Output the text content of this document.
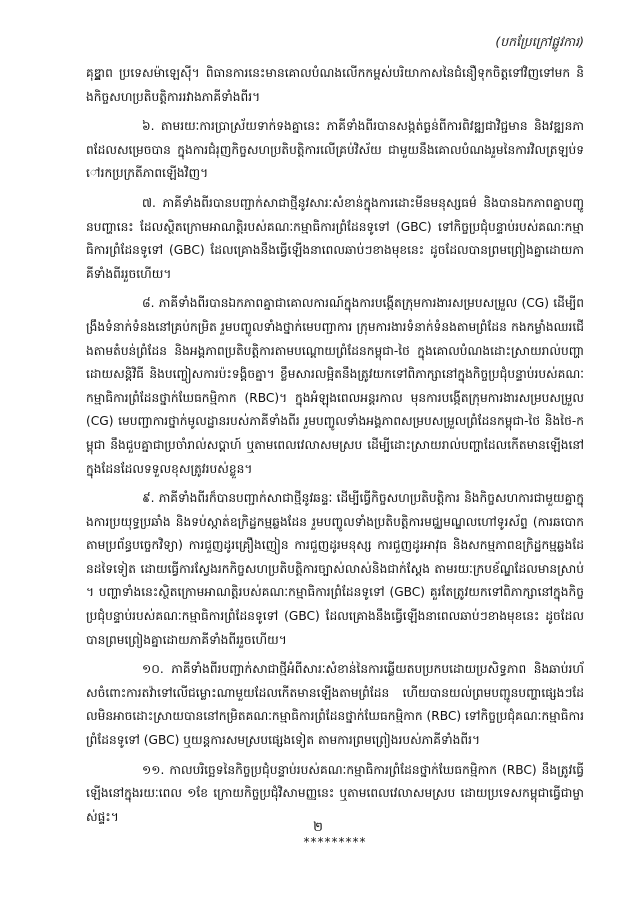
(បកប្រែក្រៅផ្លូវការ)

គុឌ្ឌ្ភាព ប្រទេសម៉ាឡេស៊ី។ ពិធានការនេះមានគោលបំណងលើកកម្ពស់បរិយាកាសនៃជំនឿទុកចិត្តទៅវិញទៅមក និងកិច្ចសហប្រតិបត្តិការរវាងភាគីទាំងពីរ។

៦. តាមរយៈការប្រាស្រ័យទាក់ទងគ្នានេះ ភាគីទាំងពីរបានសង្កត់ធ្ងន់ពីការពិវឌ្ឍជាវិជ្ជមាន និងវឌ្ឍនភាពដែលសម្រេចបាន ក្នុងការជំរុញកិច្ចសហប្រតិបត្តិការលើគ្រប់វិស័យ ជាមួយនឹងគោលបំណងរួមនៃការវិលត្រឡប់ទៅរកប្រក្រតីភាពឡើងវិញ។

៧. ភាគីទាំងពីរបានបញ្ជាក់សាជាថ្មីនូវសារៈសំខាន់ក្នុងការដោះមីនមនុស្សធម៌ និងបានឯកភាពគ្នាបញ្ជូនបញ្ហានេះ ដែលស្ថិតក្រោមអាណត្តិរបស់គណៈកម្មាធិការព្រំដែនទូទៅ (GBC) ទៅកិច្ចប្រជុំបន្ទាប់របស់គណៈកម្មាធិការព្រំដែនទូទៅ (GBC) ដែលគ្រោងនឹងធ្វើឡើងនាពេលឆាប់ៗខាងមុខនេះ ដូចដែលបានព្រមព្រៀងគ្នាដោយភាគីទាំងពីររួចហើយ។

៨. ភាគីទាំងពីរបានឯកភាពគ្នាជាគោលការណ៍ក្នុងការបង្កើតក្រុមការងារសម្របសម្រួល (CG) ដើម្បីពង្រឹងទំនាក់ទំនងនៅគ្រប់កម្រិត រួមបញ្ចូលទាំងថ្នាក់មេបញ្ជាការ ក្រុមការងារទំនាក់ទំនងតាមព្រំដែន កងកម្លាំងឈរជើងតាមតំបន់ព្រំដែន និងអង្គភាពប្រតិបត្តិការតាមបណ្តោយព្រំដែនកម្ពុជា-ថៃ ក្នុងគោលបំណងដោះស្រាយរាល់បញ្ហាដោយសន្តិវិធី និងបញ្ចៀសការប៉ះទង្គិចគ្នា។ ខ្លឹមសារលម្អិតនឹងត្រូវយកទៅពិភាក្សានៅក្នុងកិច្ចប្រជុំបន្ទាប់របស់គណៈកម្មាធិការព្រំដែនថ្នាក់ឃែធកម្មិកាក (RBC)។ ក្នុងអំឡុងពេលអន្តរកាល មុនការបង្កើតក្រុមការងារសម្របសម្រួល (CG) មេបញ្ជាការថ្នាក់មូលដ្ឋានរបស់ភាគីទាំងពីរ រួមបញ្ចូលទាំងអង្គភាពសម្របសម្រួលព្រំដែនកម្ពុជា-ថៃ និងថៃ-កម្ពុជា នឹងជួបគ្នាជាប្រចាំរាល់សប្តាហ៍ ឬតាមពេលវេលាសមស្រប ដើម្បីដោះស្រាយរាល់បញ្ហាដែលកើតមានឡើងនៅក្នុងដែនដែលទទួលខុសត្រូវរបស់ខ្លួន។

៩. ភាគីទាំងពីរក៏បានបញ្ជាក់សាជាថ្មីនូវឆន្ទៈ ដើម្បីធ្វើកិច្ចសហប្រតិបត្តិការ និងកិច្ចសហការជាមួយគ្នាក្នុងការប្រយុទ្ធប្រឆាំង និងទប់ស្កាត់ឧក្រិដ្ឋកម្មឆ្លងដែន រួមបញ្ចូលទាំងប្រតិបត្តិការមជ្ឈមណ្ឌលហៅទូរស័ព្ទ (ការឆបោកតាមប្រព័ន្ធបច្ចេកវិទ្យា) ការជួញដូរគ្រឿងញៀន ការជួញដូរមនុស្ស ការជួញដូរអាវុធ និងសកម្មភាពឧក្រិដ្ឋកម្មឆ្លងដែនដទៃទៀត ដោយធ្វើការស្វែងរកកិច្ចសហប្រតិបត្តិការច្បាស់លាស់និងជាក់ស្តែង តាមរយៈក្របខ័ណ្ឌដែលមានស្រាប់។ បញ្ហាទាំងនេះស្ថិតក្រោមអាណត្តិរបស់គណៈកម្មាធិការព្រំដែនទូទៅ (GBC) គួរតែត្រូវយកទៅពិភាក្សានៅក្នុងកិច្ចប្រជុំបន្ទាប់របស់គណៈកម្មាធិការព្រំដែនទូទៅ (GBC) ដែលគ្រោងនឹងធ្វើឡើងនាពេលឆាប់ៗខាងមុខនេះ ដូចដែលបានព្រមព្រៀងគ្នាដោយភាគីទាំងពីររួចហើយ។

១០. ភាគីទាំងពីរបញ្ជាក់សាជាថ្មីអំពីសារៈសំខាន់នៃការឆ្លើយតបប្រកបដោយប្រសិទ្ធភាព និងឆាប់រហ័សចំពោះការតវ៉ាទៅលើជម្លោះណាមួយដែលកើតមានឡើងតាមព្រំដែន ហើយបានយល់ព្រមបញ្ជូនបញ្ហាផ្សេងៗដែលមិនអាចដោះស្រាយបាននៅកម្រិតគណៈកម្មាធិការព្រំដែនថ្នាក់ឃែធកម្មិកាក (RBC) ទៅកិច្ចប្រជុំគណៈកម្មាធិការព្រំដែនទូទៅ (GBC) ឬយន្តការសមស្របផ្សេងទៀត តាមការព្រមព្រៀងរបស់ភាគីទាំងពីរ។

១១. កាលបរិច្ឆេទនៃកិច្ចប្រជុំបន្ទាប់របស់គណៈកម្មាធិការព្រំដែនថ្នាក់ឃែធកម្មិកាក (RBC) នឹងត្រូវធ្វើឡើងនៅក្នុងរយៈពេល ១ខែ ក្រោយកិច្ចប្រជុំវិសាមញ្ញនេះ ឬតាមពេលវេលាសមស្រប ដោយប្រទេសកម្ពុជាធ្វើជាម្ចាស់ផ្ទះ។

*********
២
